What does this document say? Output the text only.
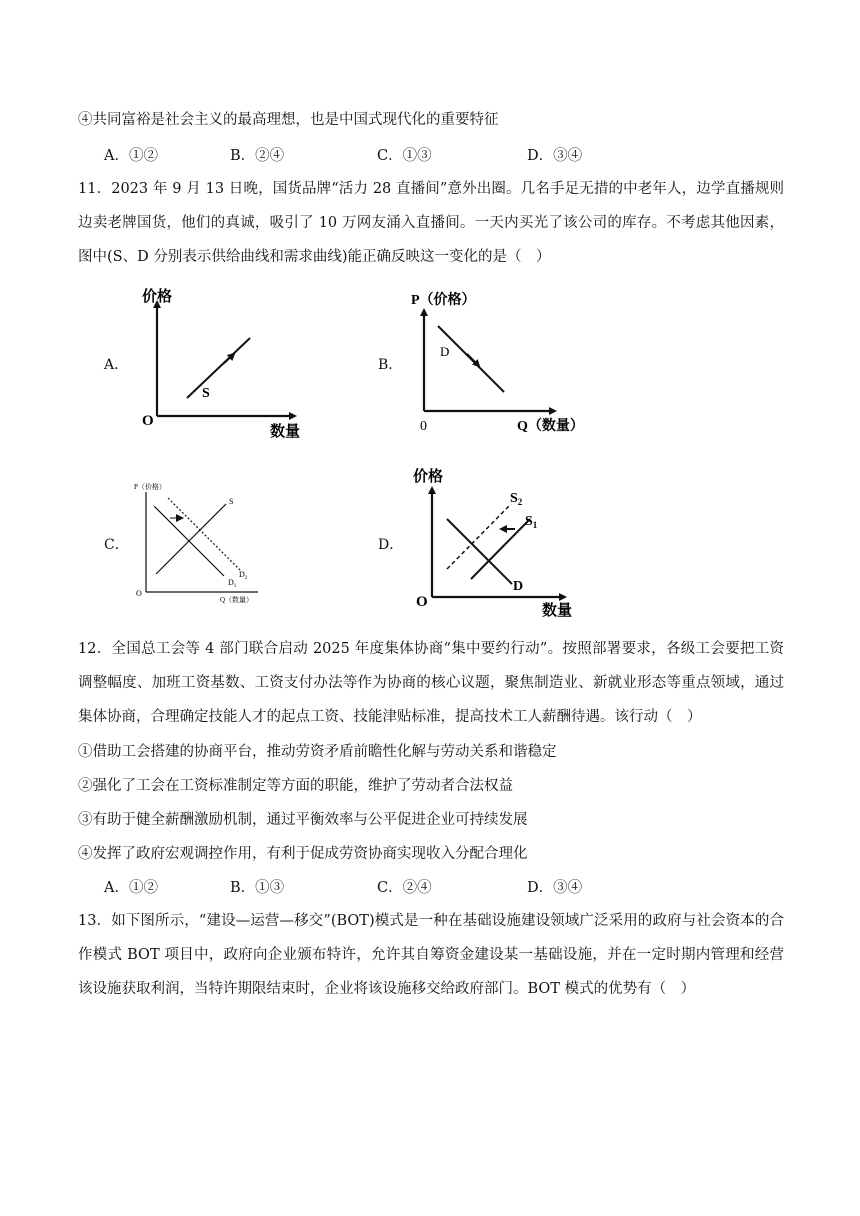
④共同富裕是社会主义的最高理想，也是中国式现代化的重要特征
A．①②	B．②④	C．①③	D．③④
11．2023 年 9 月 13 日晚，国货品牌“活力 28 直播间”意外出圈。几名手足无措的中老年人，边学直播规则边卖老牌国货，他们的真诚，吸引了 10 万网友涌入直播间。一天内买光了该公司的库存。不考虑其他因素，图中(S、D 分别表示供给曲线和需求曲线)能正确反映这一变化的是（　）
A．
价格
数量
O
S
B．
P（价格）
Q（数量）
0
D
C．
P（价格）
Q（数量）
O
S
$D_1$
$D_2$
D．
价格
数量
O
$S_2$
$S_1$
D
12．全国总工会等 4 部门联合启动 2025 年度集体协商“集中要约行动”。按照部署要求，各级工会要把工资调整幅度、加班工资基数、工资支付办法等作为协商的核心议题，聚焦制造业、新就业形态等重点领域，通过集体协商，合理确定技能人才的起点工资、技能津贴标准，提高技术工人薪酬待遇。该行动（　）
①借助工会搭建的协商平台，推动劳资矛盾前瞻性化解与劳动关系和谐稳定
②强化了工会在工资标准制定等方面的职能，维护了劳动者合法权益
③有助于健全薪酬激励机制，通过平衡效率与公平促进企业可持续发展
④发挥了政府宏观调控作用，有利于促成劳资协商实现收入分配合理化
A．①②	B．①③	C．②④	D．③④
13．如下图所示，“建设—运营—移交”(BOT)模式是一种在基础设施建设领域广泛采用的政府与社会资本的合作模式 BOT 项目中，政府向企业颁布特许，允许其自筹资金建设某一基础设施，并在一定时期内管理和经营该设施获取利润，当特许期限结束时，企业将该设施移交给政府部门。BOT 模式的优势有（　）
